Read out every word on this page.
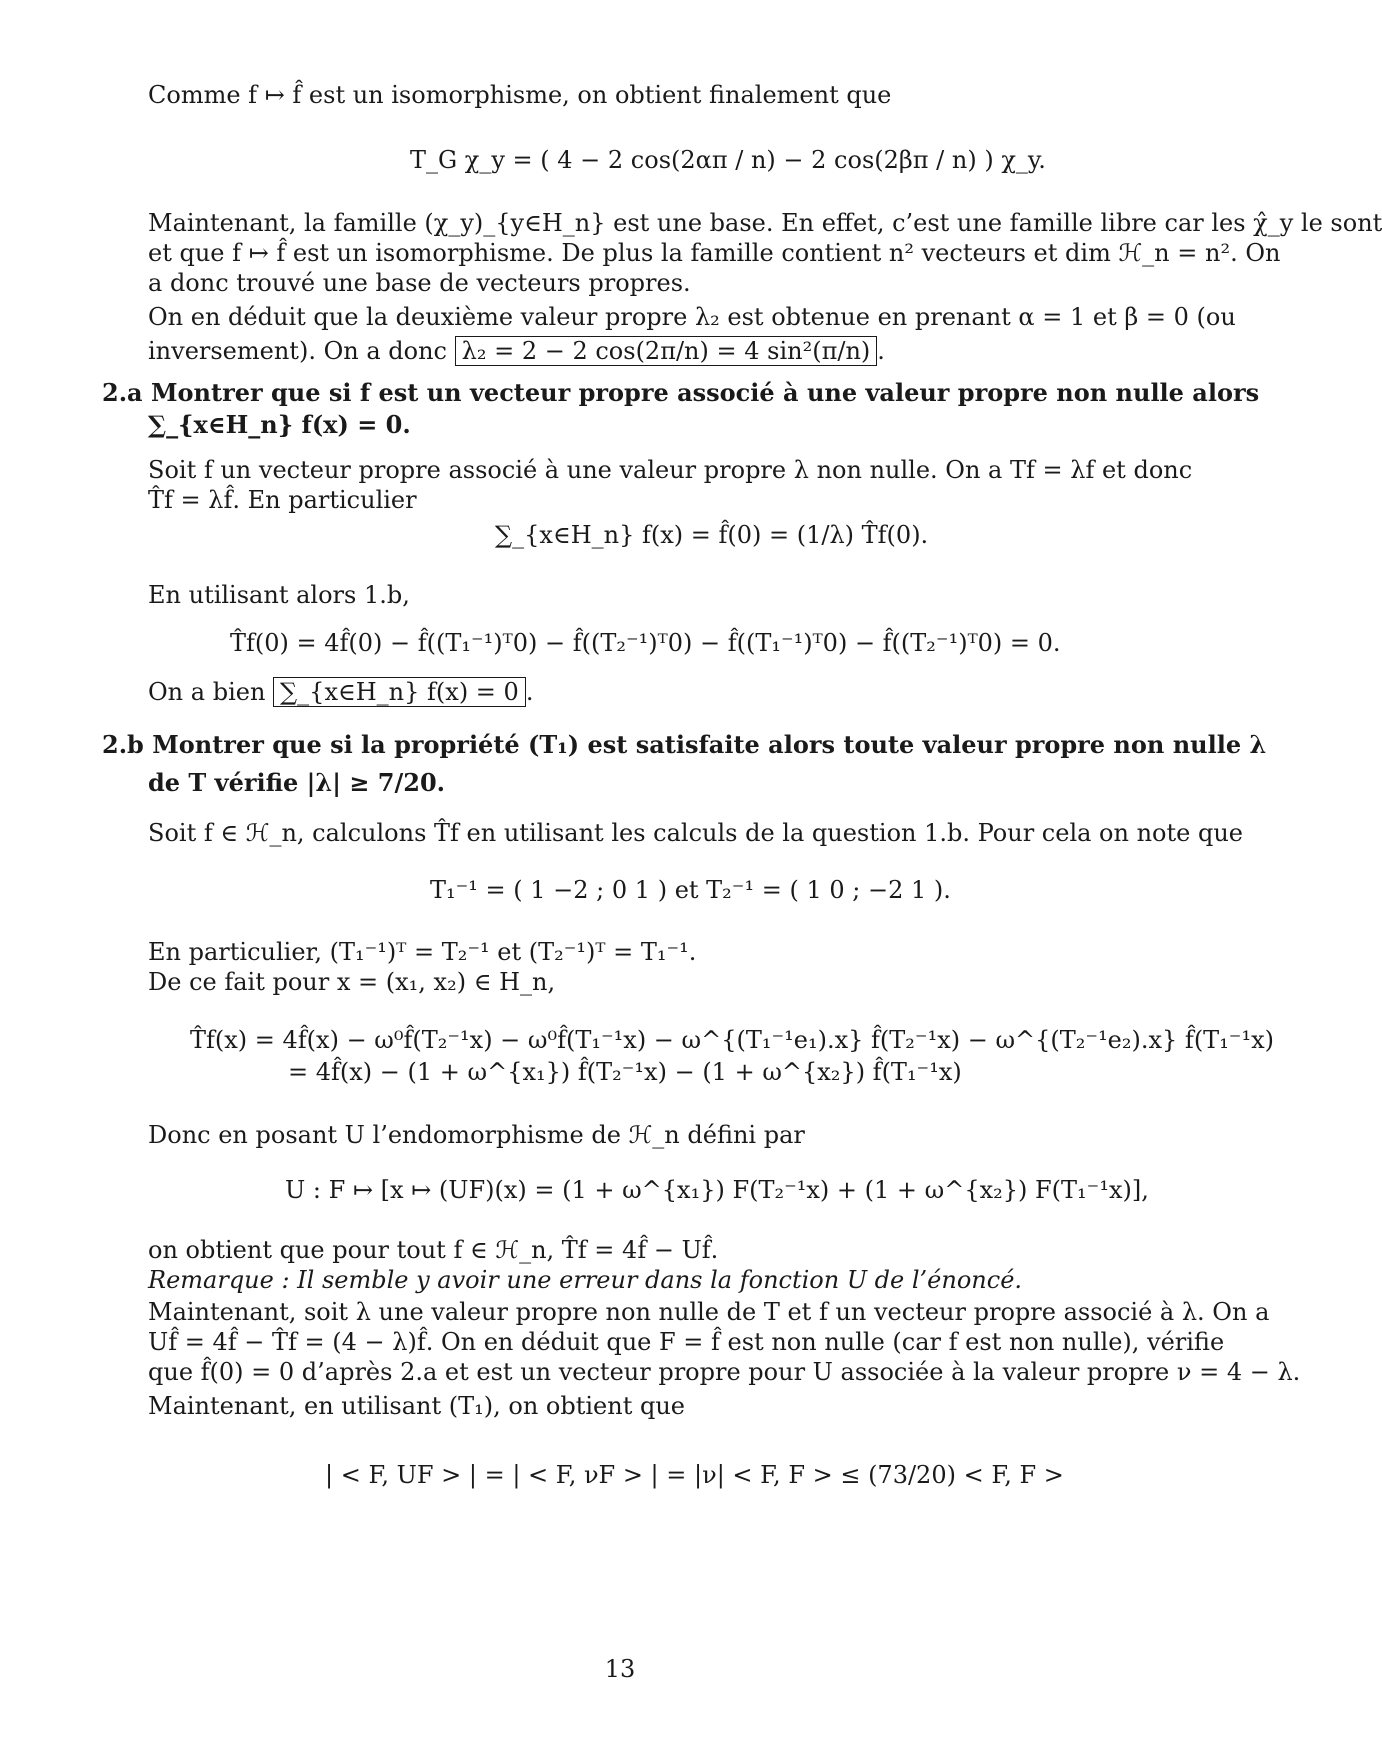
Comme f ↦ f̂ est un isomorphisme, on obtient finalement que
T_G χ_y = ( 4 − 2 cos(2απ / n) − 2 cos(2βπ / n) ) χ_y.
Maintenant, la famille (χ_y)_{y∈H_n} est une base. En effet, c’est une famille libre car les χ̂_y le sont
et que f ↦ f̂ est un isomorphisme. De plus la famille contient n² vecteurs et dim ℋ_n = n². On
a donc trouvé une base de vecteurs propres.
On en déduit que la deuxième valeur propre λ₂ est obtenue en prenant α = 1 et β = 0 (ou
inversement). On a donc λ₂ = 2 − 2 cos(2π/n) = 4 sin²(π/n) .
2.a Montrer que si f est un vecteur propre associé à une valeur propre non nulle alors
∑_{x∈H_n} f(x) = 0.
Soit f un vecteur propre associé à une valeur propre λ non nulle. On a Tf = λf et donc
T̂f = λf̂. En particulier
∑_{x∈H_n} f(x) = f̂(0) = (1/λ) T̂f(0).
En utilisant alors 1.b,
T̂f(0) = 4f̂(0) − f̂((T₁⁻¹)ᵀ0) − f̂((T₂⁻¹)ᵀ0) − f̂((T₁⁻¹)ᵀ0) − f̂((T₂⁻¹)ᵀ0) = 0.
On a bien ∑_{x∈H_n} f(x) = 0 .
2.b Montrer que si la propriété (T₁) est satisfaite alors toute valeur propre non nulle λ
de T vérifie |λ| ≥ 7/20.
Soit f ∈ ℋ_n, calculons T̂f en utilisant les calculs de la question 1.b. Pour cela on note que
T₁⁻¹ = ( 1 −2 ; 0 1 ) et T₂⁻¹ = ( 1 0 ; −2 1 ).
En particulier, (T₁⁻¹)ᵀ = T₂⁻¹ et (T₂⁻¹)ᵀ = T₁⁻¹.
De ce fait pour x = (x₁, x₂) ∈ H_n,
T̂f(x) = 4f̂(x) − ω⁰f̂(T₂⁻¹x) − ω⁰f̂(T₁⁻¹x) − ω^{(T₁⁻¹e₁).x} f̂(T₂⁻¹x) − ω^{(T₂⁻¹e₂).x} f̂(T₁⁻¹x)
= 4f̂(x) − (1 + ω^{x₁}) f̂(T₂⁻¹x) − (1 + ω^{x₂}) f̂(T₁⁻¹x)
Donc en posant U l’endomorphisme de ℋ_n défini par
U : F ↦ [x ↦ (UF)(x) = (1 + ω^{x₁}) F(T₂⁻¹x) + (1 + ω^{x₂}) F(T₁⁻¹x)],
on obtient que pour tout f ∈ ℋ_n, T̂f = 4f̂ − Uf̂.
Remarque : Il semble y avoir une erreur dans la fonction U de l’énoncé.
Maintenant, soit λ une valeur propre non nulle de T et f un vecteur propre associé à λ. On a
Uf̂ = 4f̂ − T̂f = (4 − λ)f̂. On en déduit que F = f̂ est non nulle (car f est non nulle), vérifie
que f̂(0) = 0 d’après 2.a et est un vecteur propre pour U associée à la valeur propre ν = 4 − λ.
Maintenant, en utilisant (T₁), on obtient que
| < F, UF > | = | < F, νF > | = |ν| < F, F > ≤ (73/20) < F, F >
13
